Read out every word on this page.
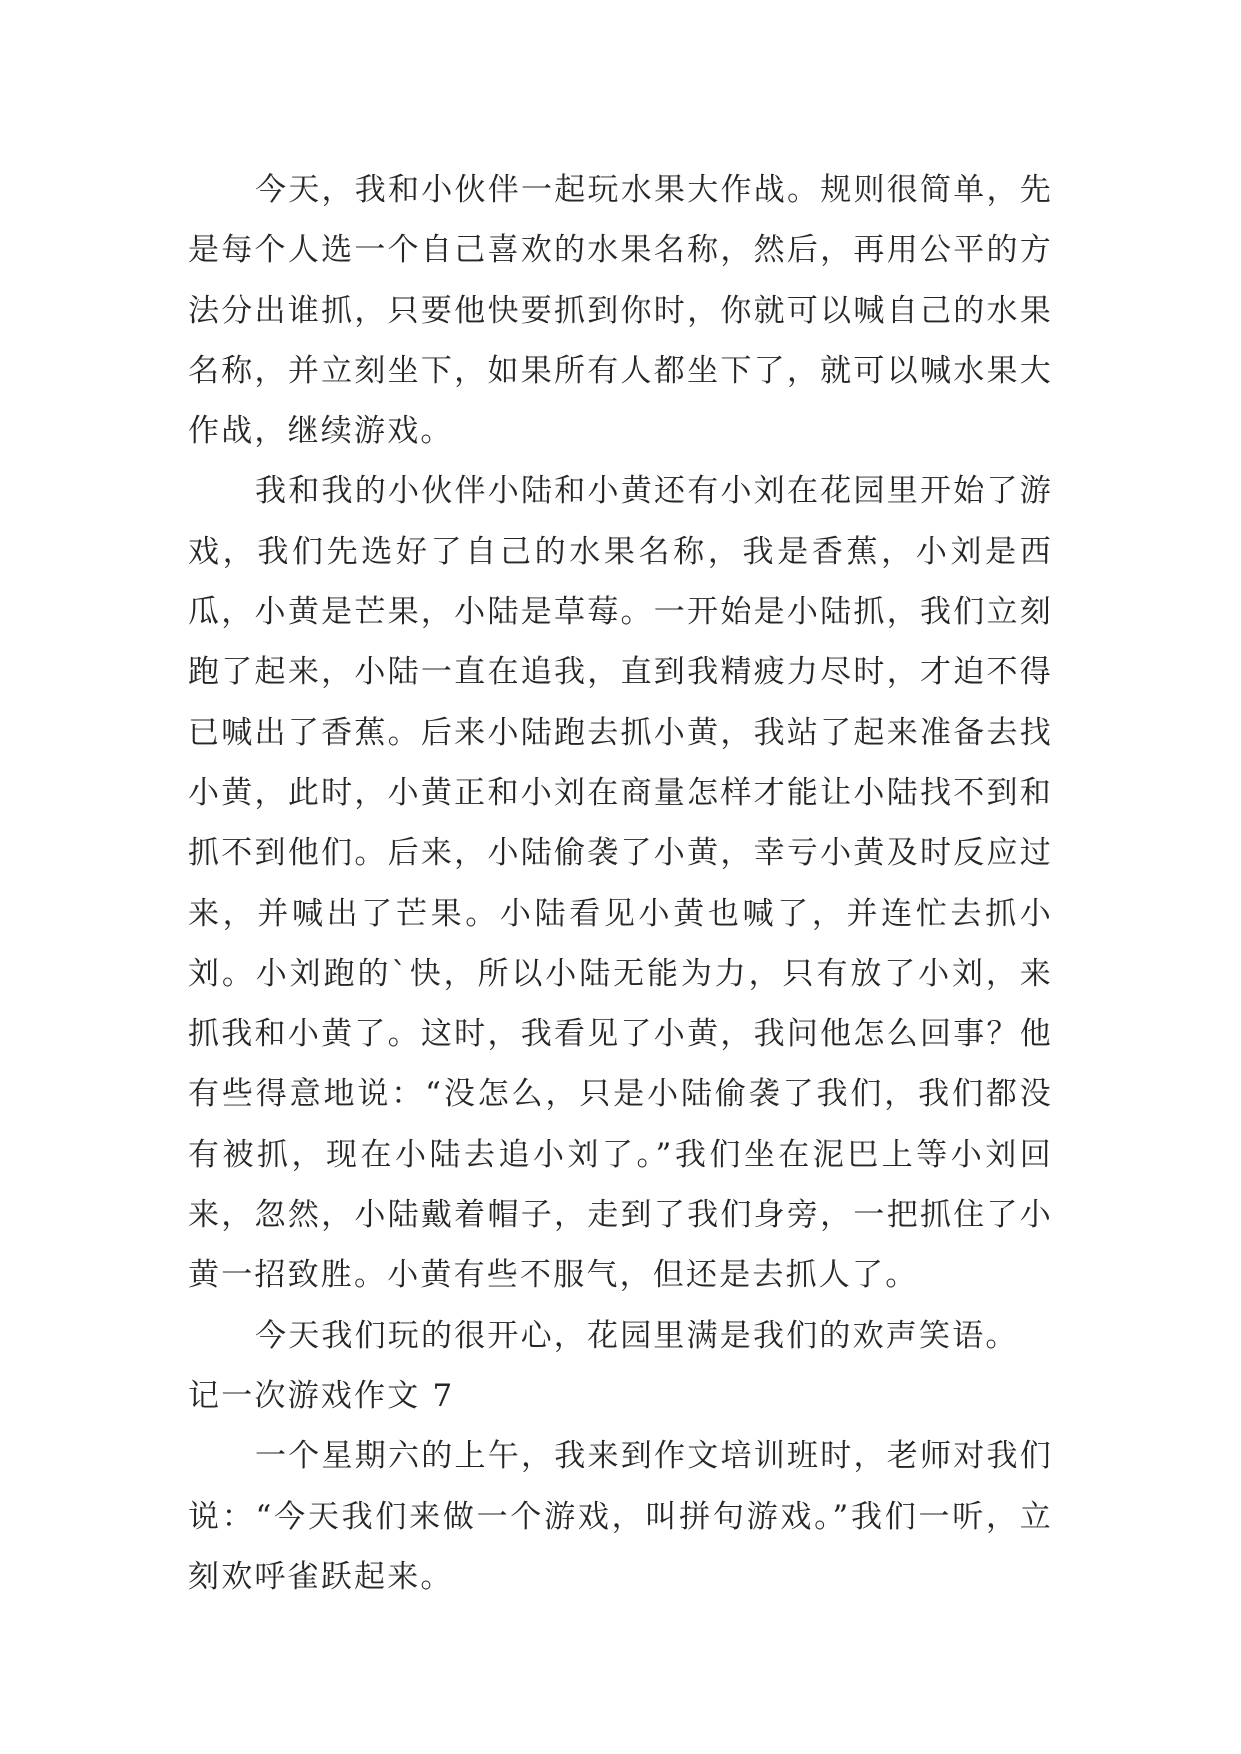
今天，我和小伙伴一起玩水果大作战。规则很简单，先是每个人选一个自己喜欢的水果名称，然后，再用公平的方法分出谁抓，只要他快要抓到你时，你就可以喊自己的水果名称，并立刻坐下，如果所有人都坐下了，就可以喊水果大作战，继续游戏。

我和我的小伙伴小陆和小黄还有小刘在花园里开始了游戏，我们先选好了自己的水果名称，我是香蕉，小刘是西瓜，小黄是芒果，小陆是草莓。一开始是小陆抓，我们立刻跑了起来，小陆一直在追我，直到我精疲力尽时，才迫不得已喊出了香蕉。后来小陆跑去抓小黄，我站了起来准备去找小黄，此时，小黄正和小刘在商量怎样才能让小陆找不到和抓不到他们。后来，小陆偷袭了小黄，幸亏小黄及时反应过来，并喊出了芒果。小陆看见小黄也喊了，并连忙去抓小刘。小刘跑的`快，所以小陆无能为力，只有放了小刘，来抓我和小黄了。这时，我看见了小黄，我问他怎么回事？他有些得意地说：“没怎么，只是小陆偷袭了我们，我们都没有被抓，现在小陆去追小刘了。”我们坐在泥巴上等小刘回来，忽然，小陆戴着帽子，走到了我们身旁，一把抓住了小黄一招致胜。小黄有些不服气，但还是去抓人了。

今天我们玩的很开心，花园里满是我们的欢声笑语。

记一次游戏作文 7

一个星期六的上午，我来到作文培训班时，老师对我们说：“今天我们来做一个游戏，叫拼句游戏。”我们一听，立刻欢呼雀跃起来。
